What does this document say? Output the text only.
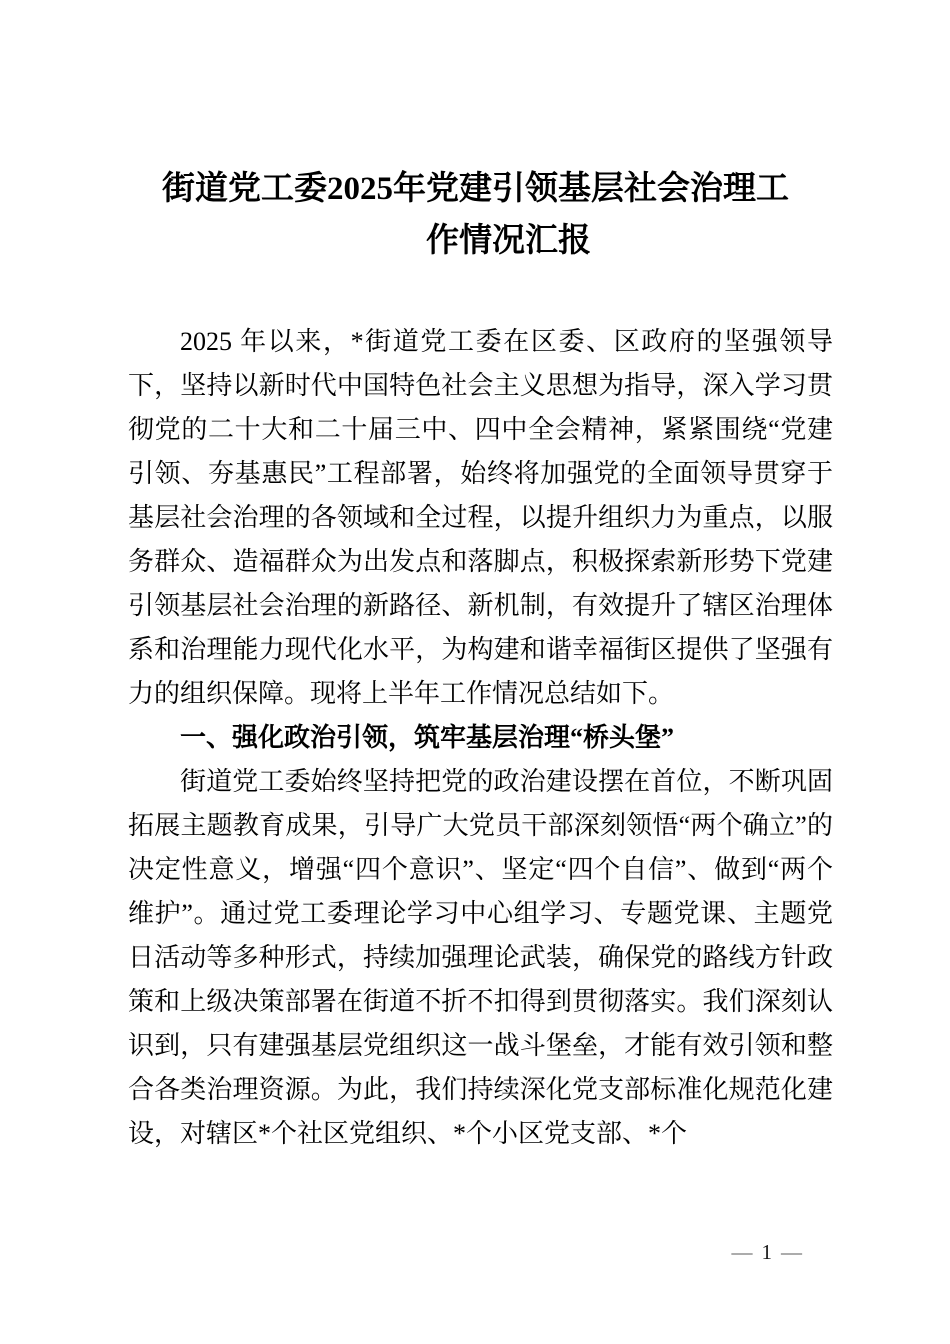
街道党工委2025年党建引领基层社会治理工
作情况汇报

2025 年以来，*街道党工委在区委、区政府的坚强领导下，坚持以新时代中国特色社会主义思想为指导，深入学习贯彻党的二十大和二十届三中、四中全会精神，紧紧围绕“党建引领、夯基惠民”工程部署，始终将加强党的全面领导贯穿于基层社会治理的各领域和全过程，以提升组织力为重点，以服务群众、造福群众为出发点和落脚点，积极探索新形势下党建引领基层社会治理的新路径、新机制，有效提升了辖区治理体系和治理能力现代化水平，为构建和谐幸福街区提供了坚强有力的组织保障。现将上半年工作情况总结如下。

一、强化政治引领，筑牢基层治理“桥头堡”

街道党工委始终坚持把党的政治建设摆在首位，不断巩固拓展主题教育成果，引导广大党员干部深刻领悟“两个确立”的决定性意义，增强“四个意识”、坚定“四个自信”、做到“两个维护”。通过党工委理论学习中心组学习、专题党课、主题党日活动等多种形式，持续加强理论武装，确保党的路线方针政策和上级决策部署在街道不折不扣得到贯彻落实。我们深刻认识到，只有建强基层党组织这一战斗堡垒，才能有效引领和整合各类治理资源。为此，我们持续深化党支部标准化规范化建设，对辖区*个社区党组织、*个小区党支部、*个

— 1 —
